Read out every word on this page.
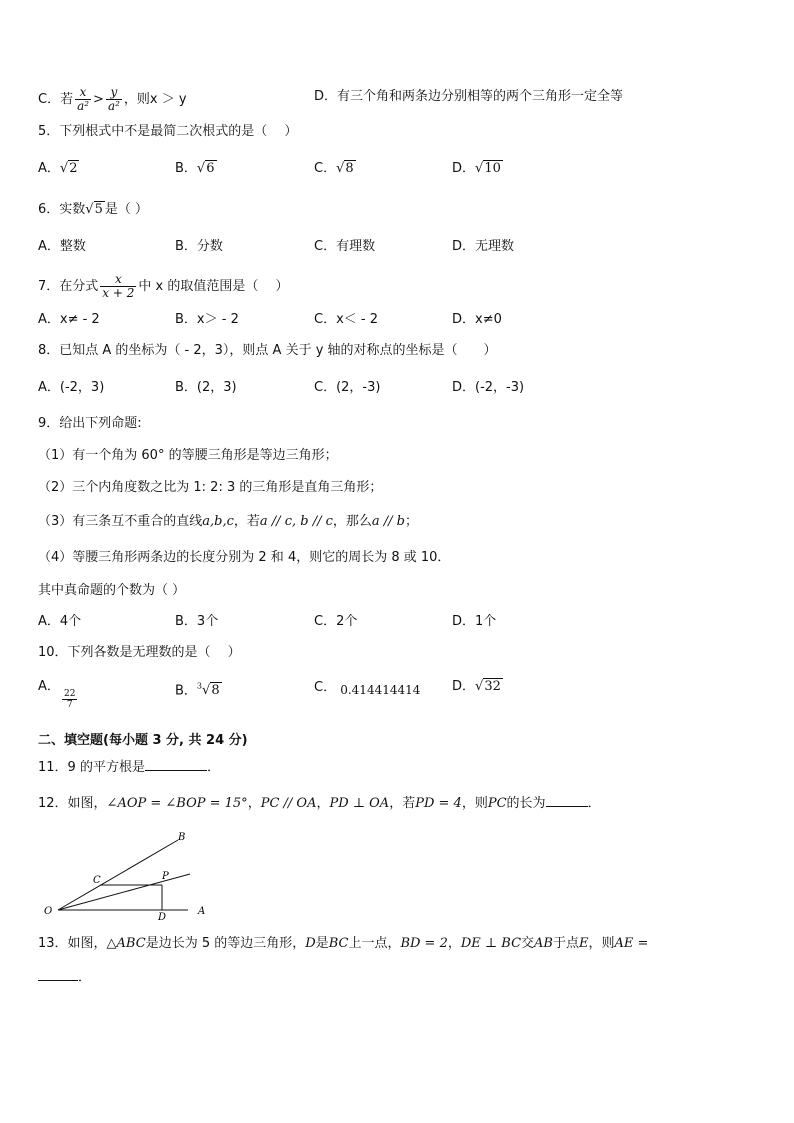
C．若 $\frac{x}{\text{a²}} > \frac{y}{\text{a²}}$ ，则x ＞ y	D．有三个角和两条边分别相等的两个三角形一定全等
5．下列根式中不是最简二次根式的是（　 ）
A．√2	B．√6	C．√8	D．√10
6．实数√5 是（ ）
A．整数	B．分数	C．有理数	D．无理数
7．在分式 $\frac{x}{x + 2}$ 中 x 的取值范围是（　 ）
A．x≠ - 2	B．x＞ - 2	C．x＜ - 2	D．x≠0
8．已知点 A 的坐标为（ - 2，3），则点 A 关于 y 轴的对称点的坐标是（　　）
A．(-2，3)	B．(2，3)	C．(2，-3)	D．(-2，-3)
9．给出下列命题:
（1）有一个角为 60° 的等腰三角形是等边三角形；
（2）三个内角度数之比为 1: 2: 3 的三角形是直角三角形；
（3）有三条互不重合的直线a,b,c，若a // c, b // c，那么a // b；
（4）等腰三角形两条边的长度分别为 2 和 4，则它的周长为 8 或 10．
其中真命题的个数为（ ）
A．4个	B．3个	C．2个	D．1个
10．下列各数是无理数的是（　 ）
A．
$\frac{22}{7}$	B．$^3$√8	C． 0.414414414 D．√32
二、填空题(每小题 3 分, 共 24 分)
11．9 的平方根是	．
12．如图，∠AOP = ∠BOP = 15°，PC // OA，PD ⊥ OA，若PD = 4，则PC的长为	．
B
C	P
O
D
A
13．如图，△ABC是边长为 5 的等边三角形，D是BC上一点，BD = 2，DE ⊥ BC交AB于点E，则AE =
．
